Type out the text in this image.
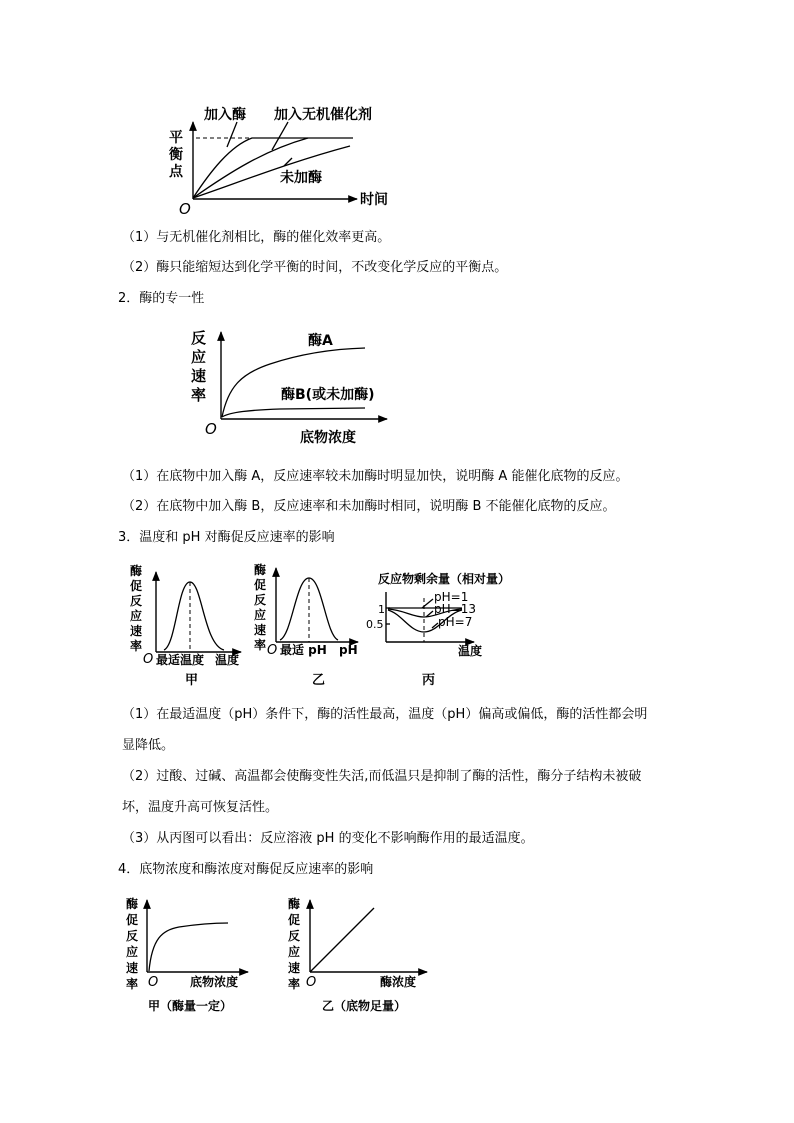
平
衡
点
O	时间
加入酶 加入无机催化剂
未加酶
（1）与无机催化剂相比，酶的催化效率更高。
（2）酶只能缩短达到化学平衡的时间，不改变化学反应的平衡点。
2．酶的专一性
反
应
速
率
O	底物浓度
酶A
酶B(或未加酶)
（1）在底物中加入酶 A，反应速率较未加酶时明显加快，说明酶 A 能催化底物的反应。
（2）在底物中加入酶 B，反应速率和未加酶时相同，说明酶 B 不能催化底物的反应。
3．温度和 pH 对酶促反应速率的影响
酶
促
反
应
速
率
O 最适温度 温度
甲
酶
促
反
应
速
率 O 最适 pH pH
乙
反应物剩余量（相对量）
1
0.5
pH=1
pH=13
pH=7
温度
丙
（1）在最适温度（pH）条件下，酶的活性最高，温度（pH）偏高或偏低，酶的活性都会明
显降低。
（2）过酸、过碱、高温都会使酶变性失活,而低温只是抑制了酶的活性，酶分子结构未被破
坏，温度升高可恢复活性。
（3）从丙图可以看出：反应溶液 pH 的变化不影响酶作用的最适温度。
4．底物浓度和酶浓度对酶促反应速率的影响
酶
促
反
应
速
率 O	底物浓度
甲（酶量一定）
酶
促
反
应
速
率 O	酶浓度
乙（底物足量）
